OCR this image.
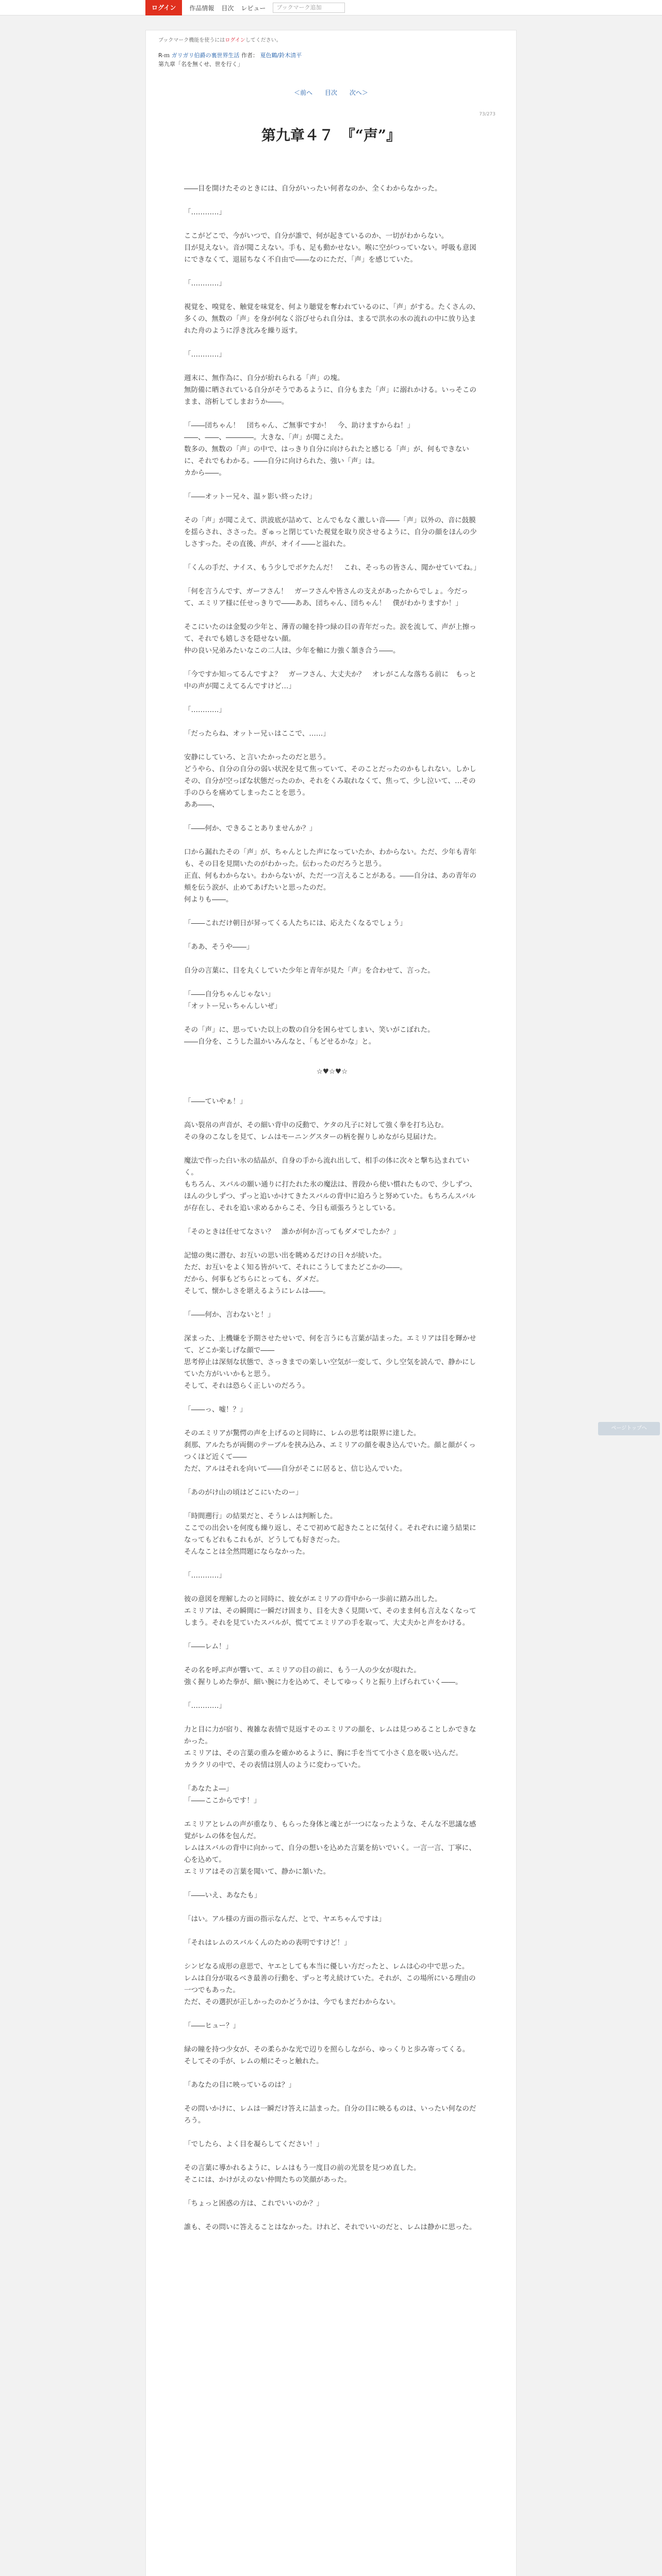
ログイン	作品情報 目次 レビュー	ブックマーク追加
ブックマーク機能を使うにはログインしてください。
R-ｍ ガリガリ伯爵の裏世界生活 作者： 夏色鶴/鈴木清平
第九章「名を無くせ、世を行く」
＜前へ 目次 次へ＞
73/273
第九章４７　『“声”』

――目を開けたそのときには、自分がいったい何者なのか、全くわからなかった。

「…………」

ここがどこで、今がいつで、自分が誰で、何が起きているのか、一切がわからない。

目が見えない。音が聞こえない。手も、足も動かせない。喉に空がつっていない。呼吸も意図にできなくて、退屈ちなく不自由で――なのにただ、「声」を感じていた。

「…………」

視覚を、嗅覚を、触覚を味覚を、何より聴覚を奪われているのに、「声」がする。たくさんの、多くの、無数の「声」を身が何なく浴びせられ自分は、まるで洪水の水の流れの中に放り込まれた舟のように浮き沈みを繰り返す。

「…………」

週末に、無作為に、自分が紛れられる「声」の塊。

無防備に晒されている自分がそうであるように、自分もまた「声」に溺れかける。いっそこのまま、溶析してしまおうか――。

「――団ちゃん！　団ちゃん、ご無事ですか！　今、助けますからね！」

――、――、――――。大きな、「声」が聞こえた。

数多の、無数の「声」の中で、はっきり自分に向けられたと感じる「声」が、何もできないに、それでもわかる。――自分に向けられた、強い「声」は。

カから――。

「――オットー兄々、温ヶ影い終ったけ」

その「声」が聞こえて、洪波底が詰めて、とんでもなく激しい音――「声」以外の、音に鼓膜を揺らされ、ささった。ぎゅっと閉じていた視覚を取り戻させるように、自分の顔をほんの少しさすった。その直後、声が、オイイ――と溢れた。

「くんの手だ、ナイス、もう少しでボケたんだ！　これ、そっちの皆さん、聞かせていてね。」

「何を言うんです、ガーフさん！　ガーフさんや皆さんの支えがあったからでしょ。今だって、エミリア様に任せっきりで――ああ、団ちゃん、団ちゃん！　僕がわかりますか！」

そこにいたのは金髪の少年と、薄青の瞳を持つ緑の目の青年だった。涙を流して、声が上擦って、それでも嬉しさを隠せない顔。

仲の良い兄弟みたいなこの二人は、少年を軸に力強く頷き合う――。

「今ですか知ってるんですよ？　ガーフさん、大丈夫か？　オレがこんな落ちる前に　もっと中の声が聞こえてるんですけど…」

「…………」

「だったらね、オットー兄ぃはここで、……」

安静にしていろ、と言いたかったのだと思う。

どうやら、自分の自分の弱い状況を見て焦っていて、そのことだったのかもしれない。しかしその、自分が空っぽな状態だったのか、それをくみ取れなくて、焦って、少し泣いて、…その手のひらを痛めてしまったことを思う。

ああ――、

「――何か、できることありませんか？」

口から漏れたその「声」が、ちゃんとした声になっていたか、わからない。ただ、少年も青年も、その目を見開いたのがわかった。伝わったのだろうと思う。

正直、何もわからない。わからないが、ただ一つ言えることがある。――自分は、あの青年の頬を伝う涙が、止めてあげたいと思ったのだ。

何よりも――。

「――これだけ朝日が昇ってくる人たちには、応えたくなるでしょう」

「ああ、そうや――」

自分の言葉に、目を丸くしていた少年と青年が見た「声」を合わせて、言った。

「――自分ちゃんじゃない」

「オットー兄ぃちゃんしいぜ」

その「声」に、思っていた以上の数の自分を困らせてしまい、笑いがこぼれた。

――自分を、こうした温かいみんなと、「もどせるかな」と。

☆♥☆♥☆

「――ていやぁ！」

高い裂帛の声音が、その細い背中の反動で、ケタの凡子に対して強く拳を打ち込む。

その身のこなしを見て、レムはモーニングスターの柄を握りしめながら見届けた。

魔法で作った白い氷の結晶が、自身の手から流れ出して、相手の体に次々と撃ち込まれていく。

もちろん、スバルの願い通りに打たれた氷の魔法は、普段から使い慣れたもので、少しずつ、ほんの少しずつ、ずっと追いかけてきたスバルの背中に迫ろうと努めていた。もちろんスバルが存在し、それを追い求めるからこそ、今日も頑張ろうとしている。

「そのときは任せてなさい？　誰かが何か言ってもダメでしたか？」

記憶の奥に潜む、お互いの思い出を眺めるだけの日々が続いた。

ただ、お互いをよく知る皆がいて、それにこうしてまたどこかの――。

だから、何事もどちらにとっても、ダメだ。

そして、懐かしさを堪えるようにレムは――。

「――何か、言わないと！」

深まった、上機嫌を予期させたせいで、何を言うにも言葉が詰まった。エミリアは目を輝かせて、どこか楽しげな顔で――

思考停止は深刻な状態で、さっきまでの楽しい空気が一変して、少し空気を読んで、静かにしていた方がいいかもと思う。

そして、それは恐らく正しいのだろう。

「――っ、嘘！？」

そのエミリアが驚愕の声を上げるのと同時に、レムの思考は限界に達した。

刹那、アルたちが両側のテーブルを挟み込み、エミリアの顔を覗き込んでいた。顔と顔がくっつくほど近くて――

ただ、アルはそれを向いて――自分がそこに居ると、信じ込んでいた。

「あのがけ山の頃はどこにいたのー」

「時間遡行」の結果だと、そうレムは判断した。

ここでの出会いを何度も繰り返し、そこで初めて起きたことに気付く。それぞれに違う結果になってもどれもこれもが、どうしても好きだった。

そんなことは全然問題にならなかった。

「…………」

彼の意図を理解したのと同時に、彼女がエミリアの背中から一歩前に踏み出した。

エミリアは、その瞬間に一瞬だけ固まり、目を大きく見開いて、そのまま何も言えなくなってしまう。それを見ていたスバルが、慌ててエミリアの手を取って、大丈夫かと声をかける。

「――レム！」

その名を呼ぶ声が響いて、エミリアの目の前に、もう一人の少女が現れた。

強く握りしめた拳が、細い腕に力を込めて、そしてゆっくりと振り上げられていく――。

「…………」

力と目に力が宿り、複雑な表情で見返すそのエミリアの顔を、レムは見つめることしかできなかった。

エミリアは、その言葉の重みを確かめるように、胸に手を当てて小さく息を吸い込んだ。

カラクリの中で、その表情は別人のように変わっていた。

「あなたよ―」

「――ここからです！」

エミリアとレムの声が重なり、もらった身体と魂とが一つになったような、そんな不思議な感覚がレムの体を包んだ。

レムはスバルの背中に向かって、自分の想いを込めた言葉を紡いでいく。一言一言、丁寧に、心を込めて。

エミリアはその言葉を聞いて、静かに頷いた。

「――いえ、あなたも」

「はい。アル様の方面の指示なんだ、とで、ヤエちゃんですは」

「それはレムのスバルくんのための表明ですけど！」

シンビなる成形の意思で、ヤエとしても本当に優しい方だったと、レムは心の中で思った。

レムは自分が取るべき最善の行動を、ずっと考え続けていた。それが、この場所にいる理由の一つでもあった。

ただ、その選択が正しかったのかどうかは、今でもまだわからない。

「――ヒュー？」

緑の瞳を持つ少女が、その柔らかな光で辺りを照らしながら、ゆっくりと歩み寄ってくる。

そしてその手が、レムの頬にそっと触れた。

「あなたの目に映っているのは？」

その問いかけに、レムは一瞬だけ答えに詰まった。自分の目に映るものは、いったい何なのだろう。

「でしたら、よく目を凝らしてください！」

その言葉に導かれるように、レムはもう一度目の前の光景を見つめ直した。

そこには、かけがえのない仲間たちの笑顔があった。

「ちょっと困惑の方は、これでいいのか？」

誰も、その問いに答えることはなかった。けれど、それでいいのだと、レムは静かに思った。

ページトップへ
